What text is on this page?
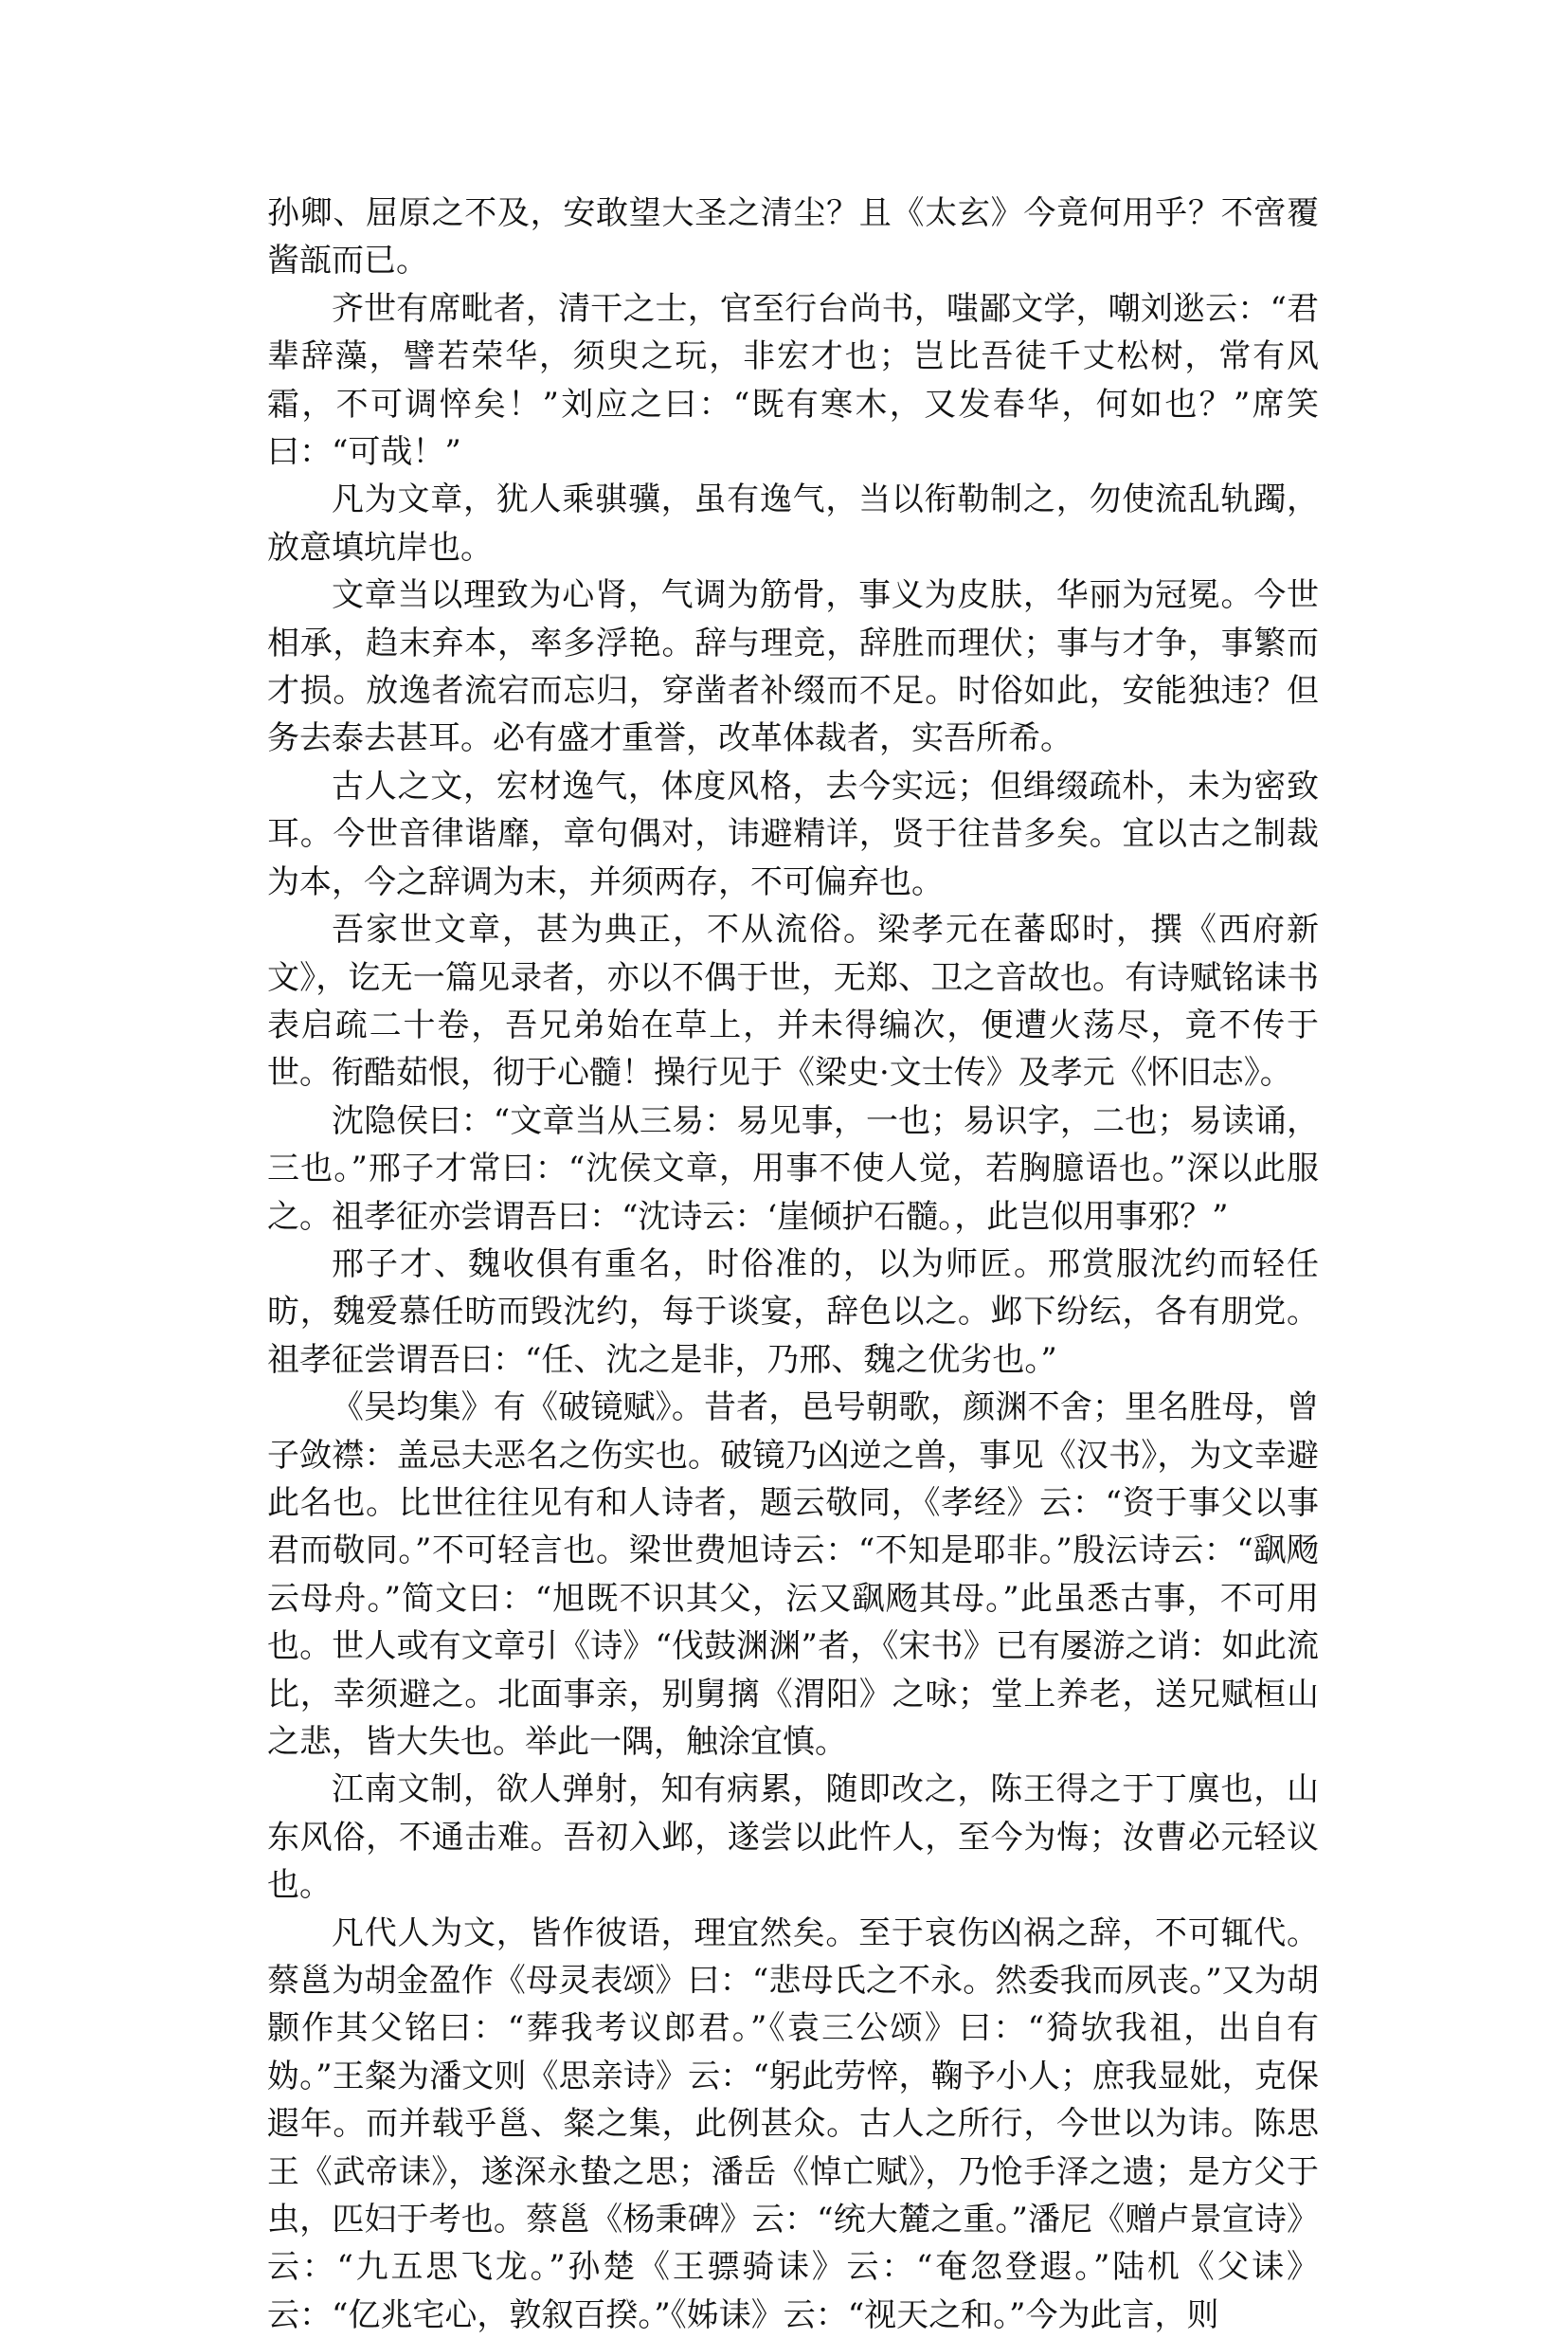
孙卿、屈原之不及，安敢望大圣之清尘？且《太玄》今竟何用乎？不啻覆酱瓿而已。

齐世有席毗者，清干之士，官至行台尚书，嗤鄙文学，嘲刘逖云：“君辈辞藻，譬若荣华，须臾之玩，非宏才也；岂比吾徒千丈松树，常有风霜，不可调悴矣！”刘应之曰：“既有寒木，又发春华，何如也？”席笑曰：“可哉！”

凡为文章，犹人乘骐骥，虽有逸气，当以衔勒制之，勿使流乱轨躅，放意填坑岸也。

文章当以理致为心肾，气调为筋骨，事义为皮肤，华丽为冠冕。今世相承，趋末弃本，率多浮艳。辞与理竞，辞胜而理伏；事与才争，事繁而才损。放逸者流宕而忘归，穿凿者补缀而不足。时俗如此，安能独违？但务去泰去甚耳。必有盛才重誉，改革体裁者，实吾所希。

古人之文，宏材逸气，体度风格，去今实远；但缉缀疏朴，未为密致耳。今世音律谐靡，章句偶对，讳避精详，贤于往昔多矣。宜以古之制裁为本，今之辞调为末，并须两存，不可偏弃也。

吾家世文章，甚为典正，不从流俗。梁孝元在蕃邸时，撰《西府新文》，讫无一篇见录者，亦以不偶于世，无郑、卫之音故也。有诗赋铭诔书表启疏二十卷，吾兄弟始在草上，并未得编次，便遭火荡尽，竟不传于世。衔酷茹恨，彻于心髓！操行见于《梁史·文士传》及孝元《怀旧志》。

沈隐侯曰：“文章当从三易：易见事，一也；易识字，二也；易读诵，三也。”邢子才常曰：“沈侯文章，用事不使人觉，若胸臆语也。”深以此服之。祖孝征亦尝谓吾曰：“沈诗云：‘崖倾护石髓。，此岂似用事邪？”

邢子才、魏收俱有重名，时俗准的，以为师匠。邢赏服沈约而轻任昉，魏爱慕任昉而毁沈约，每于谈宴，辞色以之。邺下纷纭，各有朋党。祖孝征尝谓吾曰：“任、沈之是非，乃邢、魏之优劣也。”

《吴均集》有《破镜赋》。昔者，邑号朝歌，颜渊不舍；里名胜母，曾子敛襟：盖忌夫恶名之伤实也。破镜乃凶逆之兽，事见《汉书》，为文幸避此名也。比世往往见有和人诗者，题云敬同，《孝经》云：“资于事父以事君而敬同。”不可轻言也。梁世费旭诗云：“不知是耶非。”殷沄诗云：“飖飏云母舟。”简文曰：“旭既不识其父，沄又飖飏其母。”此虽悉古事，不可用也。世人或有文章引《诗》“伐鼓渊渊”者，《宋书》已有屡游之诮：如此流比，幸须避之。北面事亲，别舅摛《渭阳》之咏；堂上养老，送兄赋桓山之悲，皆大失也。举此一隅，触涂宜慎。

江南文制，欲人弹射，知有病累，随即改之，陈王得之于丁廙也，山东风俗，不通击难。吾初入邺，遂尝以此忤人，至今为悔；汝曹必元轻议也。

凡代人为文，皆作彼语，理宜然矣。至于哀伤凶祸之辞，不可辄代。蔡邕为胡金盈作《母灵表颂》曰：“悲母氏之不永。然委我而夙丧。”又为胡颢作其父铭曰：“葬我考议郎君。”《袁三公颂》曰：“猗欤我祖，出自有妫。”王粲为潘文则《思亲诗》云：“躬此劳悴，鞠予小人；庶我显妣，克保遐年。而并载乎邕、粲之集，此例甚众。古人之所行，今世以为讳。陈思王《武帝诔》，遂深永蛰之思；潘岳《悼亡赋》，乃怆手泽之遗；是方父于虫，匹妇于考也。蔡邕《杨秉碑》云：“统大麓之重。”潘尼《赠卢景宣诗》云：“九五思飞龙。”孙楚《王骠骑诔》云：“奄忽登遐。”陆机《父诔》云：“亿兆宅心，敦叙百揆。”《姊诔》云：“视天之和。”今为此言，则
